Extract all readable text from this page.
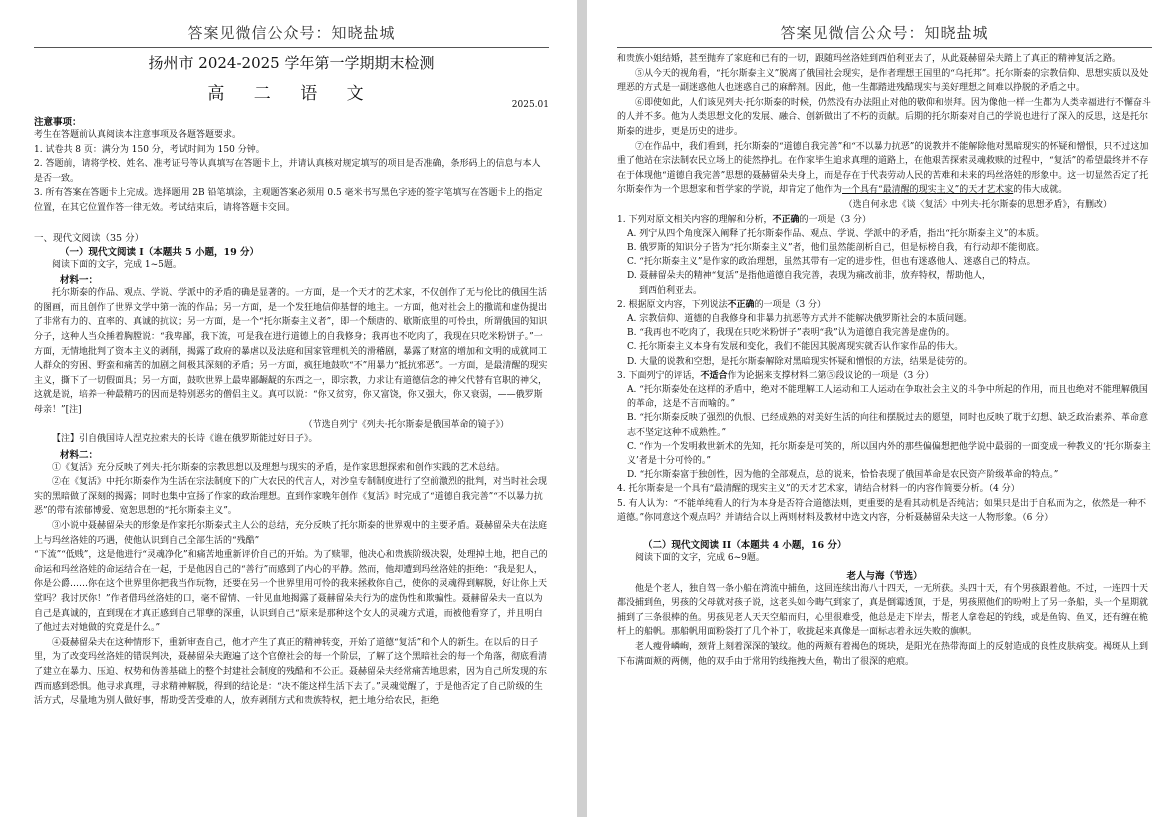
答案见微信公众号：知晓盐城
扬州市 2024-2025 学年第一学期期末检测
高 二 语 文
2025.01
注意事项：

考生在答题前认真阅读本注意事项及各题答题要求。

1. 试卷共 8 页：满分为 150 分，考试时间为 150 分钟。

2. 答题前，请将学校、姓名、准考证号等认真填写在答题卡上，并请认真核对规定填写的项目是否准确，条形码上的信息与本人是否一致。

3. 所有答案在答题卡上完成。选择题用 2B 铅笔填涂，主观题答案必须用 0.5 毫米书写黑色字迹的签字笔填写在答题卡上的指定位置，在其它位置作答一律无效。考试结束后，请将答题卡交回。

一、现代文阅读（35 分）
（一）现代文阅读 I（本题共 5 小题，19 分）

阅读下面的文字，完成 1~5题。

材料一：

托尔斯泰的作品、观点、学说、学派中的矛盾的确是显著的。一方面，是一个天才的艺术家，不仅创作了无与伦比的俄国生活的图画，而且创作了世界文学中第一流的作品；另一方面，是一个发狂地信仰基督的地主。一方面，他对社会上的撒谎和虚伪提出了非常有力的、直率的、真诚的抗议；另一方面，是一个“托尔斯泰主义者”，即一个颓唐的、歇斯底里的可怜虫，所谓俄国的知识分子，这种人当众捶着胸膛说：“我卑鄙，我下流，可是我在进行道德上的自我修身；我再也不吃肉了，我现在只吃米粉饼子。”一方面，无情地批判了资本主义的剥削，揭露了政府的暴虐以及法庭和国家管理机关的滑稽剧，暴露了财富的增加和文明的成就同工人群众的穷困、野蛮和痛苦的加剧之间极其深刻的矛盾；另一方面，疯狂地鼓吹“不”用暴力“抵抗邪恶”。一方面，是最清醒的现实主义，撕下了一切假面具；另一方面，鼓吹世界上最卑鄙龌龊的东西之一，即宗教，力求让有道德信念的神父代替有官职的神父，这就是说，培养一种最精巧的因而是特别恶劣的僧侣主义。真可以说：“你又贫穷，你又富饶，你又强大，你又衰弱，——俄罗斯母亲！”[注]

（节选自列宁《列夫·托尔斯泰是俄国革命的镜子》）

【注】引自俄国诗人涅克拉索夫的长诗《谁在俄罗斯能过好日子》。

材料二：

①《复活》充分反映了列夫·托尔斯泰的宗教思想以及理想与现实的矛盾，是作家思想探索和创作实践的艺术总结。

②在《复活》中托尔斯泰作为生活在宗法制度下的广大农民的代言人，对沙皇专制制度进行了空前激烈的批判，对当时社会现实的黑暗做了深刻的揭露；同时也集中宣扬了作家的政治理想。直到作家晚年创作《复活》时完成了“道德自我完善”“不以暴力抗恶”的带有浓郁博爱、宽恕思想的“托尔斯泰主义”。

③小说中聂赫留朵夫的形象是作家托尔斯泰式主人公的总结，充分反映了托尔斯泰的世界观中的主要矛盾。聂赫留朵夫在法庭上与玛丝洛娃的巧遇，使他认识到自己全部生活的“残酷”

“下流”“低贱”，这是他进行“灵魂净化”和痛苦地重新评价自己的开始。为了赎罪，他决心和贵族阶级决裂，处理掉土地，把自己的命运和玛丝洛娃的命运结合在一起，于是他因自己的“善行”而感到了内心的平静。然而，他却遭到玛丝洛娃的拒绝：“我是犯人，你是公爵……你在这个世界里你把我当作玩物，还要在另一个世界里用可怜的我来拯救你自己，使你的灵魂得到解脱，好让你上天堂吗？我讨厌你！”作者借玛丝洛娃的口，毫不留情、一针见血地揭露了聂赫留朵夫行为的虚伪性和欺骗性。聂赫留朵夫一直以为自己是真诚的，直到现在才真正感到自己罪孽的深重，认识到自己“原来是那种这个女人的灵魂方式道，而被他看穿了，并且明白了他过去对她做的究竟是什么。”

④聂赫留朵夫在这种情形下，重新审查自己，他才产生了真正的精神转变，开始了道德“复活”和个人的新生。在以后的日子里，为了改变玛丝洛娃的错误判决，聂赫留朵夫跑遍了这个官僚社会的每一个阶层，了解了这个黑暗社会的每一个角落，彻底看清了建立在暴力、压迫、权势和伪善基础上的整个封建社会制度的残酷和不公正。聂赫留朵夫经常痛苦地思索，因为自己所发现的东西而感到恐惧。他寻求真理，寻求精神解脱，得到的结论是：“决不能这样生活下去了。”灵魂觉醒了，于是他否定了自己阶级的生活方式，尽量地为别人做好事，帮助受苦受难的人，放弃剥削方式和贵族特权，把土地分给农民，拒绝

答案见微信公众号：知晓盐城

和贵族小姐结婚，甚至抛弃了家庭和已有的一切，跟随玛丝洛娃到西伯利亚去了，从此聂赫留朵夫踏上了真正的精神复活之路。

⑤从今天的视角看，“托尔斯泰主义”脱离了俄国社会现实，是作者理想王国里的“乌托邦”。托尔斯泰的宗教信仰、思想实质以及处理恶的方式是一副迷惑他人也迷惑自己的麻醉剂。因此，他一生都踏进残酷现实与美好理想之间难以挣脱的矛盾之中。

⑥即使如此，人们该见列夫·托尔斯泰的时候，仍然没有办法阻止对他的敬仰和崇拜。因为像他一样一生都为人类幸福进行不懈奋斗的人并不多。他为人类思想文化的发展、融合、创新做出了不朽的贡献。后期的托尔斯泰对自己的学说也进行了深入的反思，这是托尔斯泰的进步，更是历史的进步。

⑦在作品中，我们看到，托尔斯泰的“道德自我完善”和“不以暴力抗恶”的说教并不能解除他对黑暗现实的怀疑和憎恨，只不过这加重了他站在宗法制农民立场上的徒然挣扎。在作家毕生追求真理的道路上，在他艰苦探索灵魂救赎的过程中，“复活”的希望最终并不存在于体现他“道德自我完善”思想的聂赫留朵夫身上，而是存在于代表劳动人民的苦难和未来的玛丝洛娃的形象中。这一切显然否定了托尔斯泰作为一个思想家和哲学家的学说，却肯定了他作为一个具有“最清醒的现实主义”的天才艺术家的伟大成就。

（选自何永忠《谈〈复活〉中列夫·托尔斯泰的思想矛盾》，有删改）
1. 下列对原文相关内容的理解和分析，不正确的一项是（3 分）
A. 列宁从四个角度深入阐释了托尔斯泰作品、观点、学说、学派中的矛盾，指出“托尔斯泰主义”的本质。
B. 俄罗斯的知识分子皆为“托尔斯泰主义”者，他们虽然能剖析自己，但是标榜自我，有行动却不能彻底。
C. “托尔斯泰主义”是作家的政治理想，虽然其带有一定的进步性，但也有迷惑他人、迷惑自己的特点。
D. 聂赫留朵夫的精神“复活”是指他道德自我完善，表现为痛改前非，放弃特权，帮助他人，
到西伯利亚去。
2. 根据原文内容，下列说法不正确的一项是（3 分）
A. 宗教信仰、道德的自我修身和非暴力抗恶等方式并不能解决俄罗斯社会的本质问题。
B. “我再也不吃肉了，我现在只吃米粉饼子”表明“我”认为道德自我完善是虚伪的。
C. 托尔斯泰主义本身有发展和变化，我们不能因其脱离现实就否认作家作品的伟大。
D. 大量的说教和空想，是托尔斯泰解除对黑暗现实怀疑和憎恨的方法，结果是徒劳的。
3. 下面列宁的评话，不适合作为论据来支撑材料二第⑤段议论的一项是（3 分）
A. “托尔斯泰处在这样的矛盾中，绝对不能理解工人运动和工人运动在争取社会主义的斗争中所起的作用，而且也绝对不能理解俄国的革命，这是不言而喻的。”
B. “托尔斯泰反映了强烈的仇恨、已经成熟的对美好生活的向往和摆脱过去的愿望，同时也反映了耽于幻想、缺乏政治素养、革命意志不坚定这种不成熟性。”
C. “作为一个发明救世新术的先知，托尔斯泰是可笑的，所以国内外的那些偏偏想把他学说中最弱的一面变成一种教义的‘托尔斯泰主义’者是十分可怜的。”
D. “托尔斯泰富于独创性，因为他的全部观点，总的说来，恰恰表现了俄国革命是农民资产阶级革命的特点。”
4. 托尔斯泰是一个具有“最清醒的现实主义”的天才艺术家，请结合材料一的内容作简要分析。（4 分）
5. 有人认为：“不能单纯看人的行为本身是否符合道德法则，更重要的是看其动机是否纯洁；如果只是出于自私而为之，依然是一种不道德。”你同意这个观点吗？并请结合以上两则材料及教材中选文内容，分析聂赫留朵夫这一人物形象。（6 分）
（二）现代文阅读 II（本题共 4 小题，16 分）

阅读下面的文字，完成 6~9题。

老人与海（节选）

他是个老人，独自驾一条小船在湾流中捕鱼，这回连续出海八十四天，一无所获。头四十天，有个男孩跟着他。不过，一连四十天都没捕到鱼，男孩的父母就对孩子说，这老头如今晦气到家了，真是倒霉透顶，于是，男孩照他们的吩咐上了另一条船，头一个星期就捕到了三条很棒的鱼。男孩见老人天天空船而归，心里很难受，他总是走下岸去，帮老人拿卷起的钓线，或是鱼钩、鱼叉，还有缠在桅杆上的船帆。那船帆用面粉袋打了几个补丁，收拢起来真像是一面标志着永远失败的旗帜。

老人瘦骨嶙峋，颈背上刻着深深的皱纹。他的两颊有着褐色的斑块，是阳光在热带海面上的反射造成的良性皮肤病变。褐斑从上到下布满面颊的两侧，他的双手由于常用钓线拖拽大鱼，勒出了很深的疤痕。
